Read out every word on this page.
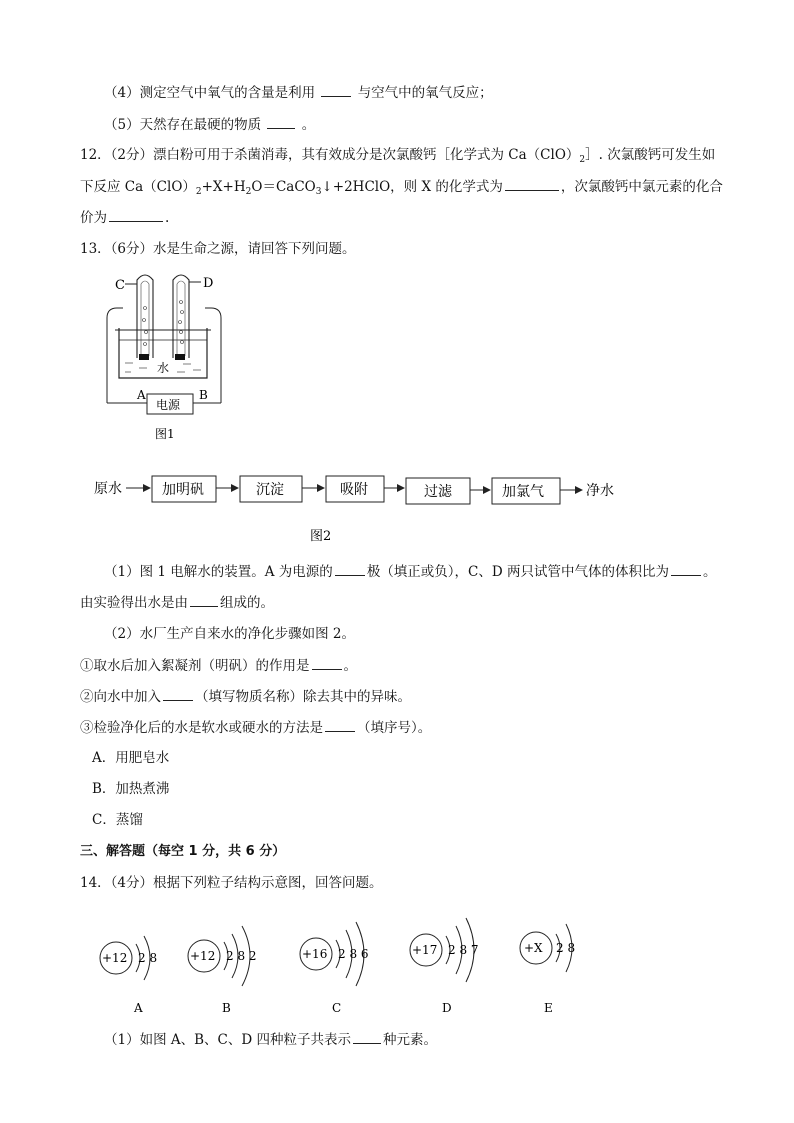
（4）测定空气中氧气的含量是利用	与空气中的氧气反应；
（5）天然存在最硬的物质	。
12．（2分）漂白粉可用于杀菌消毒，其有效成分是次氯酸钙［化学式为 $Ca(ClO)_2]$. 次氯酸钙可发生如
下反应 $Ca(ClO)_2+X+H_2O=CaCO_3↓+2HClO$，则 X 的化学式为	，次氯酸钙中氯元素的化合
价为	.
13．（6分）水是生命之源，请回答下列问题。
C	D
水
A	B
电源
图1
原水	加明矾	沉淀	吸附	过滤	加氯气	净水
图2
（1）图 1 电解水的装置。A 为电源的	极（填正或负），C、D 两只试管中气体的体积比为	。
由实验得出水是由 组成的。
（2）水厂生产自来水的净化步骤如图 2。
①取水后加入絮凝剂（明矾）的作用是	。
②向水中加入	（填写物质名称）除去其中的异味。
③检验净化后的水是软水或硬水的方法是	（填序号）。
A．用肥皂水
B．加热煮沸
C．蒸馏
三、解答题（每空 1 分，共 6 分）
14．（4分）根据下列粒子结构示意图，回答问题。
+12 2 8
A
+12 2 8 2
B
+16 2 8 6
C
+17 2 8 7
D
+X 2 8
E
（1）如图 A、B、C、D 四种粒子共表示 种元素。
